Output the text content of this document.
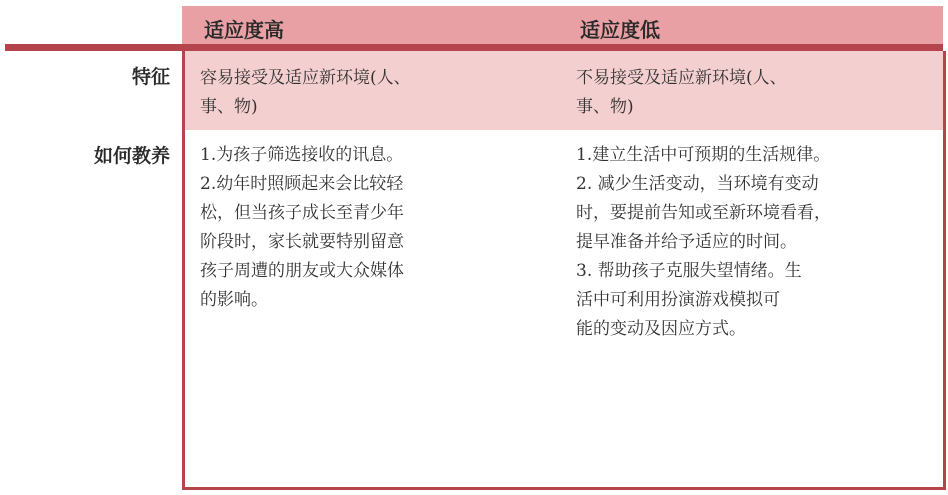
适应度高	适应度低
特征 容易接受及适应新环境(人、
事、物)
不易接受及适应新环境(人、
事、物)
如何教养 1.为孩子筛选接收的讯息。
2.幼年时照顾起来会比较轻
松，但当孩子成长至青少年
阶段时，家长就要特别留意
孩子周遭的朋友或大众媒体
的影响。
1.建立生活中可预期的生活规律。
2. 减少生活变动，当环境有变动
时，要提前告知或至新环境看看，
提早准备并给予适应的时间。
3. 帮助孩子克服失望情绪。生
活中可利用扮演游戏模拟可
能的变动及因应方式。
